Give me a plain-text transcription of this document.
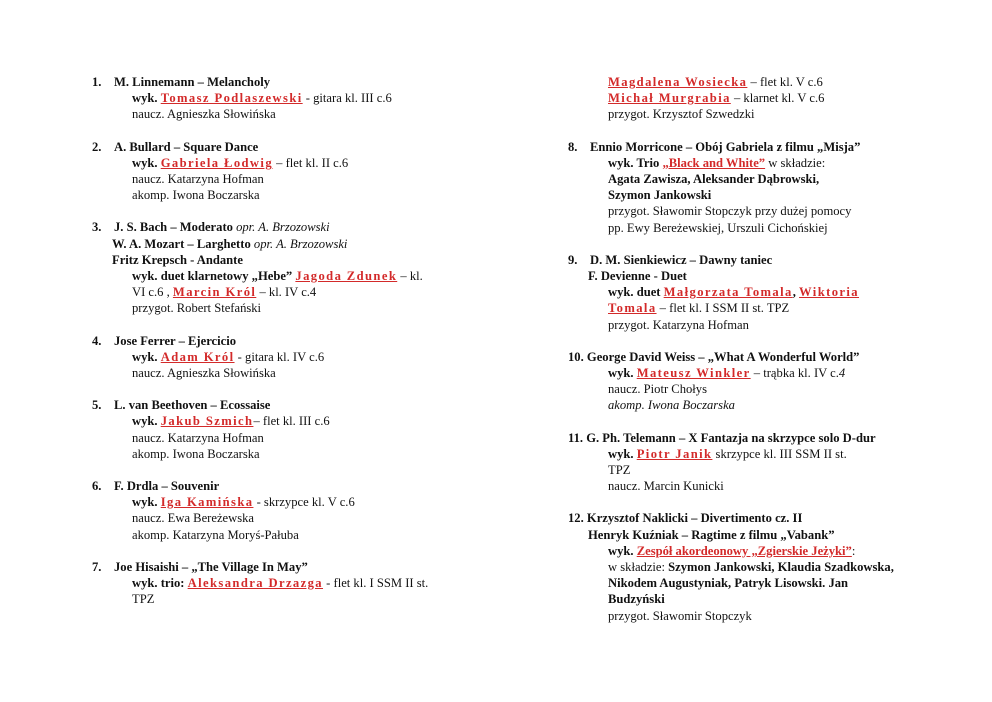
1. M. Linnemann – Melancholy
wyk. Tomasz Podlaszewski - gitara kl. III c.6
naucz. Agnieszka Słowińska
2. A. Bullard – Square Dance
wyk. Gabriela Łodwig – flet kl. II c.6
naucz. Katarzyna Hofman
akomp. Iwona Boczarska
3. J. S. Bach – Moderato opr. A. Brzozowski
W. A. Mozart – Larghetto opr. A. Brzozowski
Fritz Krepsch - Andante
wyk. duet klarnetowy „Hebe” Jagoda Zdunek – kl.
VI c.6 , Marcin Król – kl. IV c.4
przygot. Robert Stefański
4. Jose Ferrer – Ejercicio
wyk. Adam Król - gitara kl. IV c.6
naucz. Agnieszka Słowińska
5. L. van Beethoven – Ecossaise
wyk. Jakub Szmich– flet kl. III c.6
naucz. Katarzyna Hofman
akomp. Iwona Boczarska
6. F. Drdla – Souvenir
wyk. Iga Kamińska - skrzypce kl. V c.6
naucz. Ewa Bereżewska
akomp. Katarzyna Moryś-Pałuba
7. Joe Hisaishi – „The Village In May”
wyk. trio: Aleksandra Drzazga - flet kl. I SSM II st.
TPZ
Magdalena Wosiecka – flet kl. V c.6
Michał Murgrabia – klarnet kl. V c.6
przygot. Krzysztof Szwedzki
8. Ennio Morricone – Obój Gabriela z filmu „Misja”
wyk. Trio „Black and White” w składzie:
Agata Zawisza, Aleksander Dąbrowski,
Szymon Jankowski
przygot. Sławomir Stopczyk przy dużej pomocy
pp. Ewy Bereżewskiej, Urszuli Cichońskiej
9. D. M. Sienkiewicz – Dawny taniec
F. Devienne - Duet
wyk. duet Małgorzata Tomala, Wiktoria
Tomala – flet kl. I SSM II st. TPZ
przygot. Katarzyna Hofman
10. George David Weiss – „What A Wonderful World”
wyk. Mateusz Winkler – trąbka kl. IV c.4
naucz. Piotr Chołys
akomp. Iwona Boczarska
11. G. Ph. Telemann – X Fantazja na skrzypce solo D-dur
wyk. Piotr Janik skrzypce kl. III SSM II st.
TPZ
naucz. Marcin Kunicki
12. Krzysztof Naklicki – Divertimento cz. II
Henryk Kuźniak – Ragtime z filmu „Vabank”
wyk. Zespół akordeonowy „Zgierskie Jeżyki”:
w składzie: Szymon Jankowski, Klaudia Szadkowska,
Nikodem Augustyniak, Patryk Lisowski. Jan
Budzyński
przygot. Sławomir Stopczyk
